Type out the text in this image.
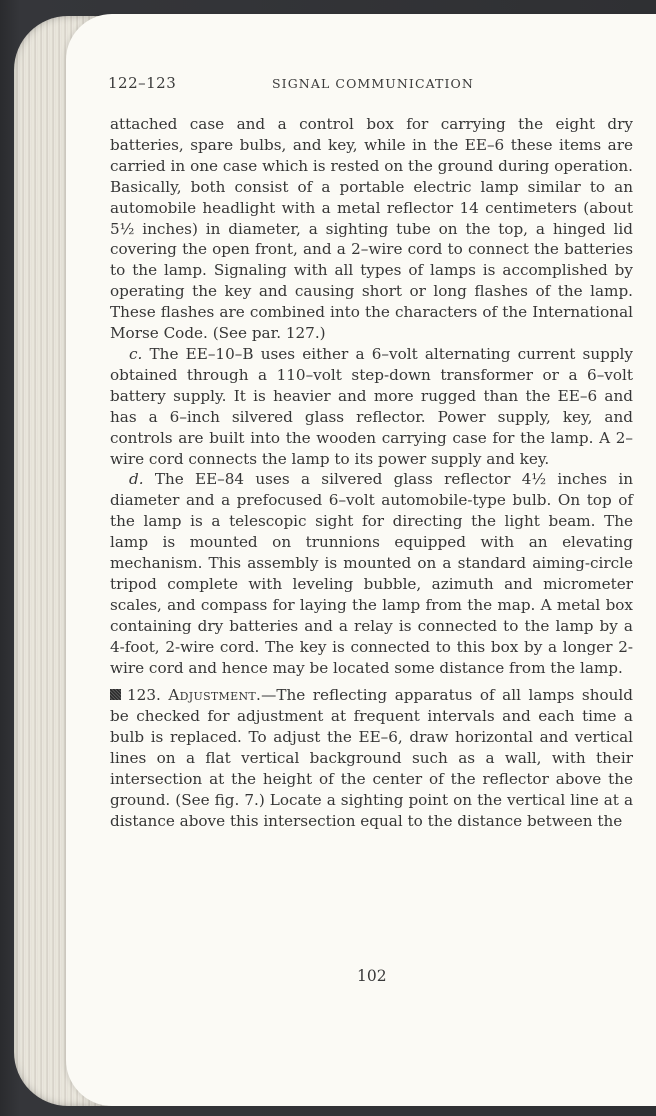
122–123	SIGNAL COMMUNICATION

attached case and a control box for carrying the eight dry batteries, spare bulbs, and key, while in the EE–6 these items are carried in one case which is rested on the ground during operation. Basically, both consist of a portable electric lamp similar to an automobile headlight with a metal reflector 14 centimeters (about 5½ inches) in diameter, a sighting tube on the top, a hinged lid covering the open front, and a 2–wire cord to connect the batteries to the lamp. Signaling with all types of lamps is accomplished by operating the key and causing short or long flashes of the lamp. These flashes are combined into the characters of the International Morse Code. (See par. 127.)

c. The EE–10–B uses either a 6–volt alternating current supply obtained through a 110–volt step-down transformer or a 6–volt battery supply. It is heavier and more rugged than the EE–6 and has a 6–inch silvered glass reflector. Power supply, key, and controls are built into the wooden carrying case for the lamp. A 2–wire cord connects the lamp to its power supply and key.

d. The EE–84 uses a silvered glass reflector 4½ inches in diameter and a prefocused 6–volt automobile-type bulb. On top of the lamp is a telescopic sight for directing the light beam. The lamp is mounted on trunnions equipped with an elevating mechanism. This assembly is mounted on a standard aiming-circle tripod complete with leveling bubble, azimuth and micrometer scales, and compass for laying the lamp from the map. A metal box containing dry batteries and a relay is connected to the lamp by a 4-foot, 2-wire cord. The key is connected to this box by a longer 2-wire cord and hence may be located some distance from the lamp.

123. Adjustment.—The reflecting apparatus of all lamps should be checked for adjustment at frequent intervals and each time a bulb is replaced. To adjust the EE–6, draw horizontal and vertical lines on a flat vertical background such as a wall, with their intersection at the height of the center of the reflector above the ground. (See fig. 7.) Locate a sighting point on the vertical line at a distance above this intersection equal to the distance between the

102
